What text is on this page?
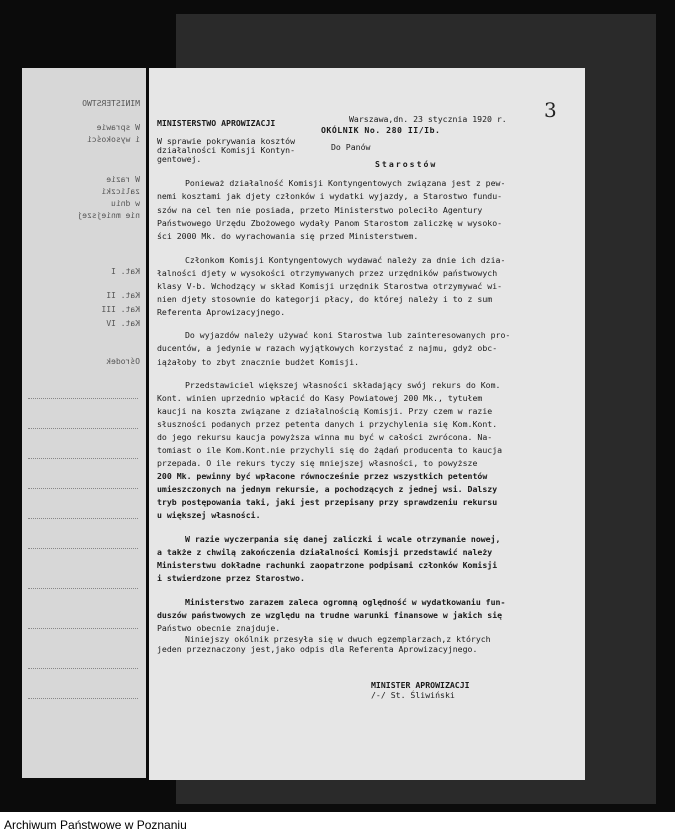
MINISTERSTWO
W sprawie
i wysokości
W razie
zaliczki
w dniu
nie mniejszej
Kat. I
Kat. II
Kat. III
Kat. IV
Ośrodek
3
MINISTERSTWO APROWIZACJI	Warszawa,dn. 23 stycznia 1920 r.
OKÓLNIK No. 280 II/Ib.
W sprawie pokrywania kosztów
działalności Komisji Kontyn-
gentowej.
Do Panów
Starostów
Ponieważ działalność Komisji Kontyngentowych związana jest z pew-
nemi kosztami jak djety członków i wydatki wyjazdy, a Starostwo fundu-
szów na cel ten nie posiada, przeto Ministerstwo poleciło Agentury
Państwowego Urzędu Zbożowego wydały Panom Starostom zaliczkę w wysoko-
ści 2000 Mk. do wyrachowania się przed Ministerstwem.
Członkom Komisji Kontyngentowych wydawać należy za dnie ich dzia-
łalności djety w wysokości otrzymywanych przez urzędników państwowych
klasy V-b. Wchodzący w skład Komisji urzędnik Starostwa otrzymywać wi-
nien djety stosownie do kategorji płacy, do której należy i to z sum
Referenta Aprowizacyjnego.
Do wyjazdów należy używać koni Starostwa lub zainteresowanych pro-
ducentów, a jedynie w razach wyjątkowych korzystać z najmu, gdyż obc-
iążałoby to zbyt znacznie budżet Komisji.
Przedstawiciel większej własności składający swój rekurs do Kom.
Kont. winien uprzednio wpłacić do Kasy Powiatowej 200 Mk., tytułem
kaucji na koszta związane z działalnością Komisji. Przy czem w razie
słuszności podanych przez petenta danych i przychylenia się Kom.Kont.
do jego rekursu kaucja powyższa winna mu być w całości zwrócona. Na-
tomiast o ile Kom.Kont.nie przychyli się do żądań producenta to kaucja
przepada. O ile rekurs tyczy się mniejszej własności, to powyższe
200 Mk. pewinny być wpłacone równocześnie przez wszystkich petentów
umieszczonych na jednym rekursie, a pochodzących z jednej wsi. Dalszy
tryb postępowania taki, jaki jest przepisany przy sprawdzeniu rekursu
u większej własności.
W razie wyczerpania się danej zaliczki i wcale otrzymanie nowej,
a także z chwilą zakończenia działalności Komisji przedstawić należy
Ministerstwu dokładne rachunki zaopatrzone podpisami członków Komisji
i stwierdzone przez Starostwo.
Ministerstwo zarazem zaleca ogromną oględność w wydatkowaniu fun-
duszów państwowych ze względu na trudne warunki finansowe w jakich się
Państwo obecnie znajduje.
Niniejszy okólnik przesyła się w dwuch egzemplarzach,z których
jeden przeznaczony jest,jako odpis dla Referenta Aprowizacyjnego.
MINISTER APROWIZACJI
/-/ St. Śliwiński
Archiwum Państwowe w Poznaniu
